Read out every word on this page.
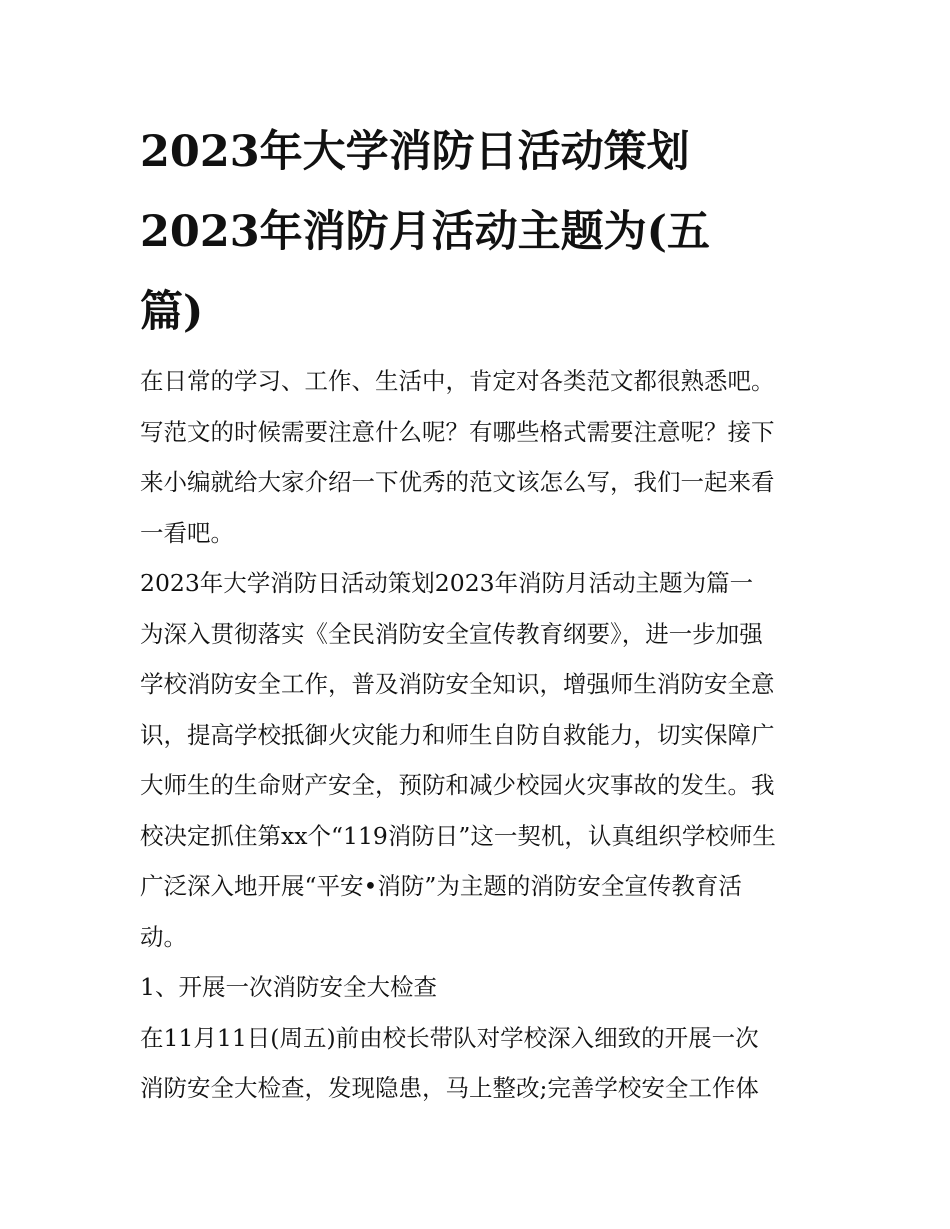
2023年大学消防日活动策划
2023年消防月活动主题为(五
篇)
在日常的学习、工作、生活中，肯定对各类范文都很熟悉吧。
写范文的时候需要注意什么呢？有哪些格式需要注意呢？接下
来小编就给大家介绍一下优秀的范文该怎么写，我们一起来看
一看吧。
2023年大学消防日活动策划2023年消防月活动主题为篇一
为深入贯彻落实《全民消防安全宣传教育纲要》，进一步加强
学校消防安全工作，普及消防安全知识，增强师生消防安全意
识，提高学校抵御火灾能力和师生自防自救能力，切实保障广
大师生的生命财产安全，预防和减少校园火灾事故的发生。我
校决定抓住第xx个“119消防日”这一契机，认真组织学校师生
广泛深入地开展“平安•消防”为主题的消防安全宣传教育活
动。
1、开展一次消防安全大检查
在11月11日(周五)前由校长带队对学校深入细致的开展一次
消防安全大检查，发现隐患，马上整改;完善学校安全工作体
